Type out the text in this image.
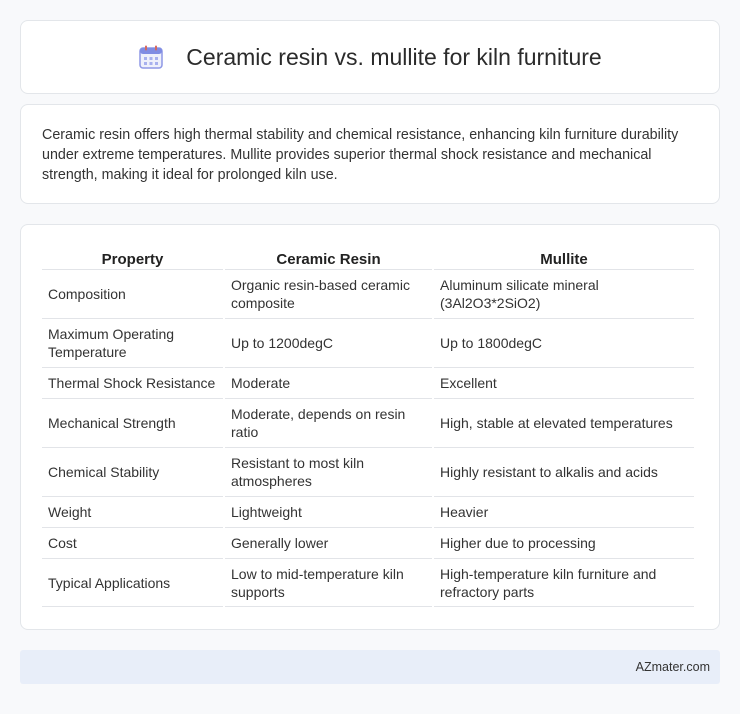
Ceramic resin vs. mullite for kiln furniture

Ceramic resin offers high thermal stability and chemical resistance, enhancing kiln furniture durability under extreme temperatures. Mullite provides superior thermal shock resistance and mechanical strength, making it ideal for prolonged kiln use.

Property	Ceramic Resin	Mullite
Composition	Organic resin-based ceramic composite	Aluminum silicate mineral (3Al2O3*2SiO2)
Maximum Operating Temperature	Up to 1200degC	Up to 1800degC
Thermal Shock Resistance	Moderate	Excellent
Mechanical Strength	Moderate, depends on resin ratio	High, stable at elevated temperatures
Chemical Stability	Resistant to most kiln atmospheres	Highly resistant to alkalis and acids
Weight	Lightweight	Heavier
Cost	Generally lower	Higher due to processing
Typical Applications	Low to mid-temperature kiln supports	High-temperature kiln furniture and refractory parts
AZmater.com
